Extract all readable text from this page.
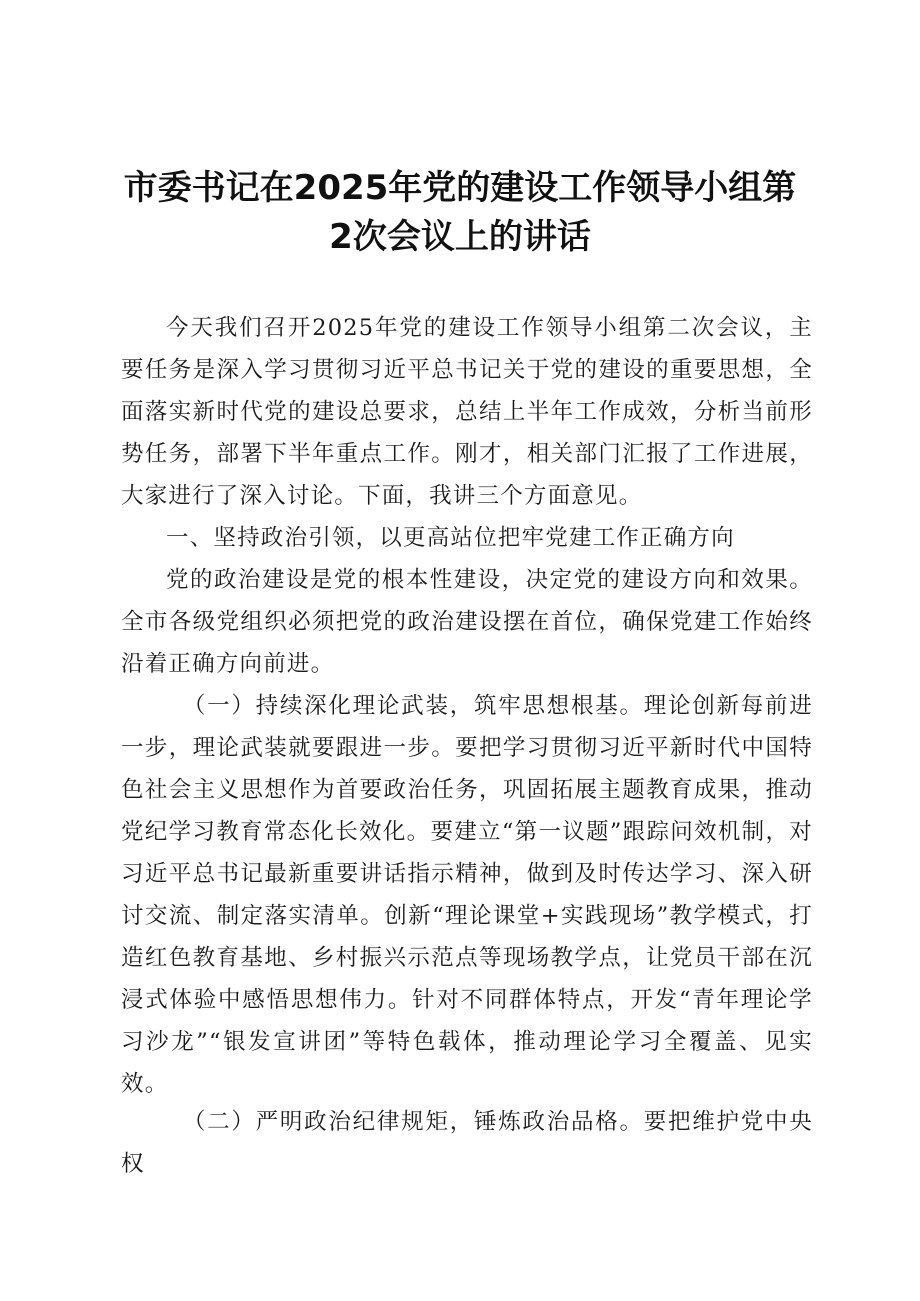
市委书记在2025年党的建设工作领导小组第
2次会议上的讲话

今天我们召开2025年党的建设工作领导小组第二次会议，主要任务是深入学习贯彻习近平总书记关于党的建设的重要思想，全面落实新时代党的建设总要求，总结上半年工作成效，分析当前形势任务，部署下半年重点工作。刚才，相关部门汇报了工作进展，大家进行了深入讨论。下面，我讲三个方面意见。

一、坚持政治引领，以更高站位把牢党建工作正确方向

党的政治建设是党的根本性建设，决定党的建设方向和效果。全市各级党组织必须把党的政治建设摆在首位，确保党建工作始终沿着正确方向前进。

（一）持续深化理论武装，筑牢思想根基。理论创新每前进一步，理论武装就要跟进一步。要把学习贯彻习近平新时代中国特色社会主义思想作为首要政治任务，巩固拓展主题教育成果，推动党纪学习教育常态化长效化。要建立“第一议题”跟踪问效机制，对习近平总书记最新重要讲话指示精神，做到及时传达学习、深入研讨交流、制定落实清单。创新“理论课堂+实践现场”教学模式，打造红色教育基地、乡村振兴示范点等现场教学点，让党员干部在沉浸式体验中感悟思想伟力。针对不同群体特点，开发“青年理论学习沙龙”“银发宣讲团”等特色载体，推动理论学习全覆盖、见实效。

（二）严明政治纪律规矩，锤炼政治品格。要把维护党中央权
